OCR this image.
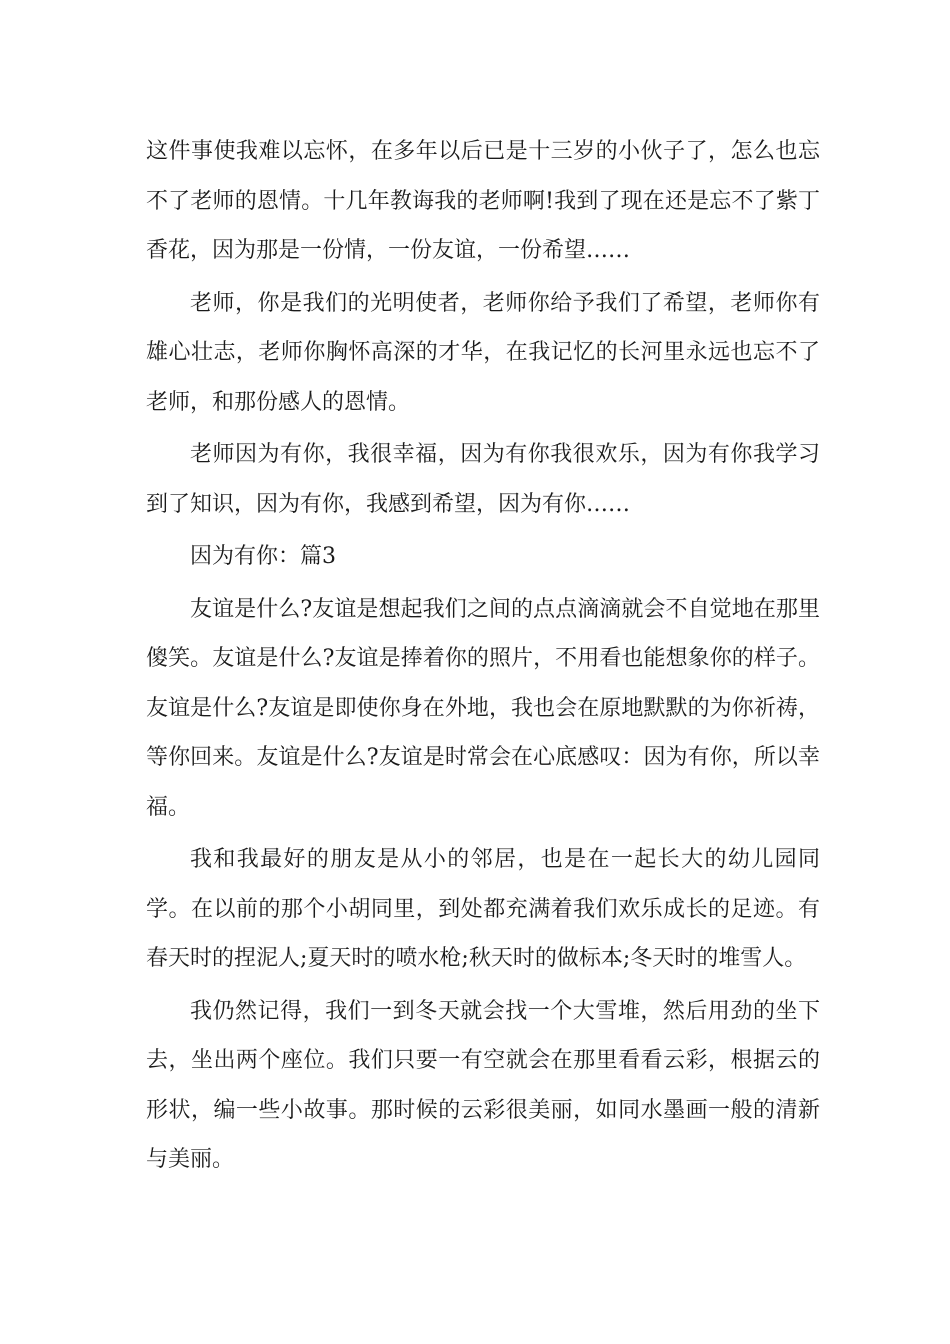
这件事使我难以忘怀，在多年以后已是十三岁的小伙子了，怎么也忘不了老师的恩情。十几年教诲我的老师啊!我到了现在还是忘不了紫丁香花，因为那是一份情，一份友谊，一份希望……

老师，你是我们的光明使者，老师你给予我们了希望，老师你有雄心壮志，老师你胸怀高深的才华，在我记忆的长河里永远也忘不了老师，和那份感人的恩情。

老师因为有你，我很幸福，因为有你我很欢乐，因为有你我学习到了知识，因为有你，我感到希望，因为有你……

因为有你：篇3

友谊是什么?友谊是想起我们之间的点点滴滴就会不自觉地在那里傻笑。友谊是什么?友谊是捧着你的照片，不用看也能想象你的样子。友谊是什么?友谊是即使你身在外地，我也会在原地默默的为你祈祷，等你回来。友谊是什么?友谊是时常会在心底感叹：因为有你，所以幸福。

我和我最好的朋友是从小的邻居，也是在一起长大的幼儿园同学。在以前的那个小胡同里，到处都充满着我们欢乐成长的足迹。有春天时的捏泥人;夏天时的喷水枪;秋天时的做标本;冬天时的堆雪人。

我仍然记得，我们一到冬天就会找一个大雪堆，然后用劲的坐下去，坐出两个座位。我们只要一有空就会在那里看看云彩，根据云的形状，编一些小故事。那时候的云彩很美丽，如同水墨画一般的清新与美丽。
